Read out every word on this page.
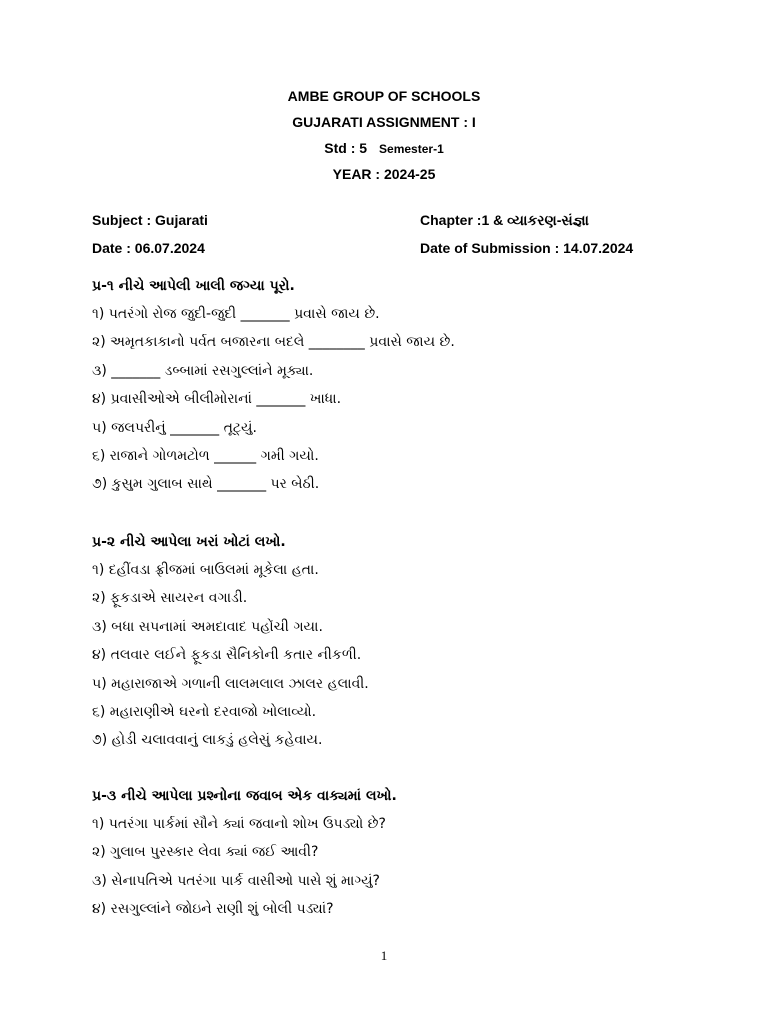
AMBE GROUP OF SCHOOLS
GUJARATI ASSIGNMENT : I
Std : 5 Semester-1
YEAR : 2024-25
Subject : Gujarati	Chapter :1 & વ્યાકરણ-સંજ્ઞા
Date : 06.07.2024	Date of Submission : 14.07.2024
પ્ર-૧ નીચે આપેલી ખાલી જગ્યા પૂરો.
૧) પતરંગો રોજ જુદી-જુદી _______ પ્રવાસે જાય છે.
૨) અમૃતકાકાનો પર્વત બજારના બદલે ________ પ્રવાસે જાય છે.
૩) _______ ડબ્બામાં રસગુલ્લાંને મૂક્યા.
૪) પ્રવાસીઓએ બીલીમોરાનાં _______ ખાધા.
૫) જલપરીનું _______ તૂટ્યું.
૬) રાજાને ગોળમટોળ ______ ગમી ગયો.
૭) કુસુમ ગુલાબ સાથે _______ પર બેઠી.
પ્ર-૨ નીચે આપેલા ખરાં ખોટાં લખો.
૧) દહીંવડા ફ્રીજમાં બાઉલમાં મૂકેલા હતા.
૨) ફૂકડાએ સાયરન વગાડી.
૩) બધા સપનામાં અમદાવાદ પહોંચી ગયા.
૪) તલવાર લઈને ફૂકડા સૈનિકોની કતાર નીકળી.
૫) મહારાજાએ ગળાની લાલમલાલ ઝાલર હલાવી.
૬) મહારાણીએ ઘરનો દરવાજો ખોલાવ્યો.
૭) હોડી ચલાવવાનું લાકડું હલેસું કહેવાય.
પ્ર-૩ નીચે આપેલા પ્રશ્નોના જવાબ એક વાક્યમાં લખો.
૧) પતરંગા પાર્કમાં સૌને ક્યાં જવાનો શોખ ઉપડ્યો છે?
૨) ગુલાબ પુરસ્કાર લેવા ક્યાં જઈ આવી?
૩) સેનાપતિએ પતરંગા પાર્ક વાસીઓ પાસે શું માગ્યું?
૪) રસગુલ્લાંને જોઇને રાણી શું બોલી પડ્યાં?
1
